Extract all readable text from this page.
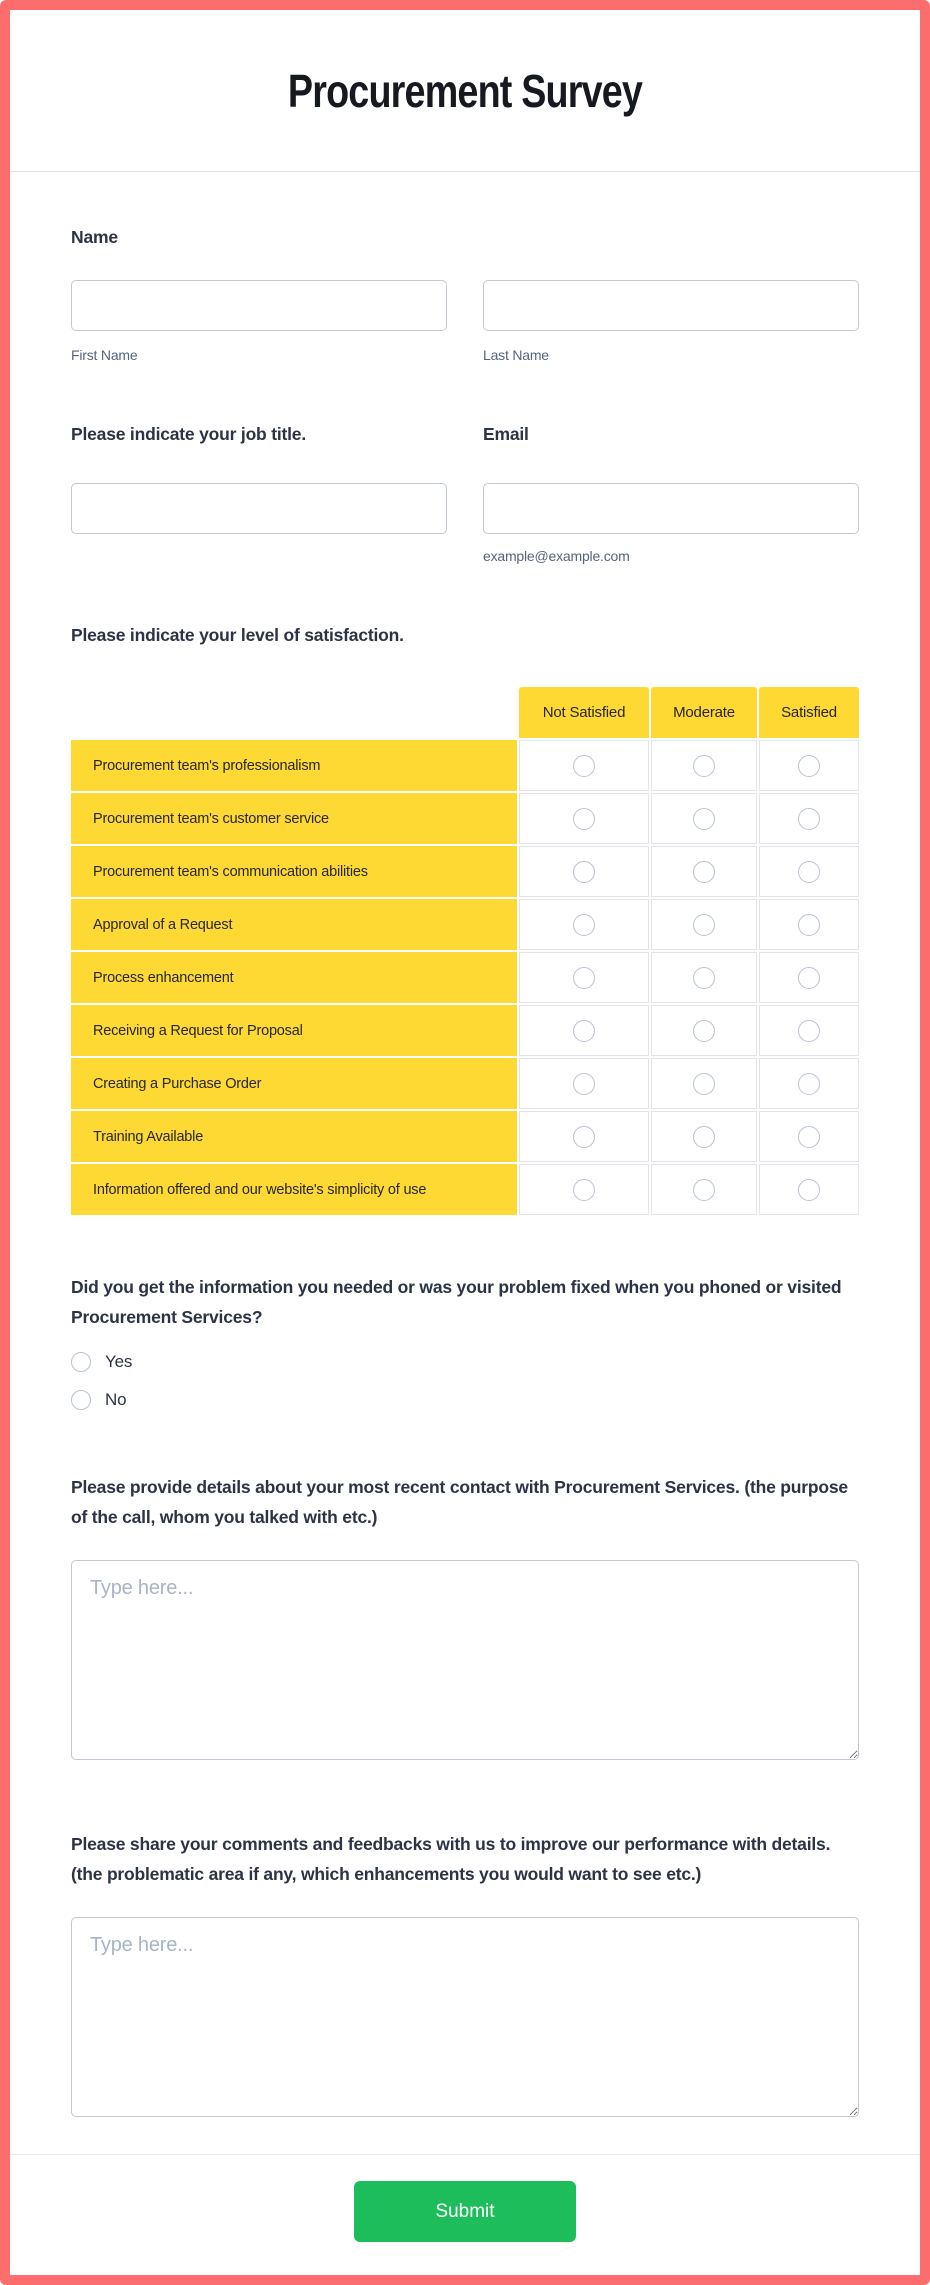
Procurement Survey
Name
First Name	Last Name
Please indicate your job title.	Email
example@example.com
Please indicate your level of satisfaction.
Not Satisfied	Moderate	Satisfied
Procurement team's professionalism
Procurement team's customer service
Procurement team's communication abilities
Approval of a Request
Process enhancement
Receiving a Request for Proposal
Creating a Purchase Order
Training Available
Information offered and our website's simplicity of use
Did you get the information you needed or was your problem fixed when you phoned or visited Procurement Services?
Yes
No
Please provide details about your most recent contact with Procurement Services. (the purpose of the call, whom you talked with etc.)
Type here...
Please share your comments and feedbacks with us to improve our performance with details. (the problematic area if any, which enhancements you would want to see etc.)
Type here...
Submit
